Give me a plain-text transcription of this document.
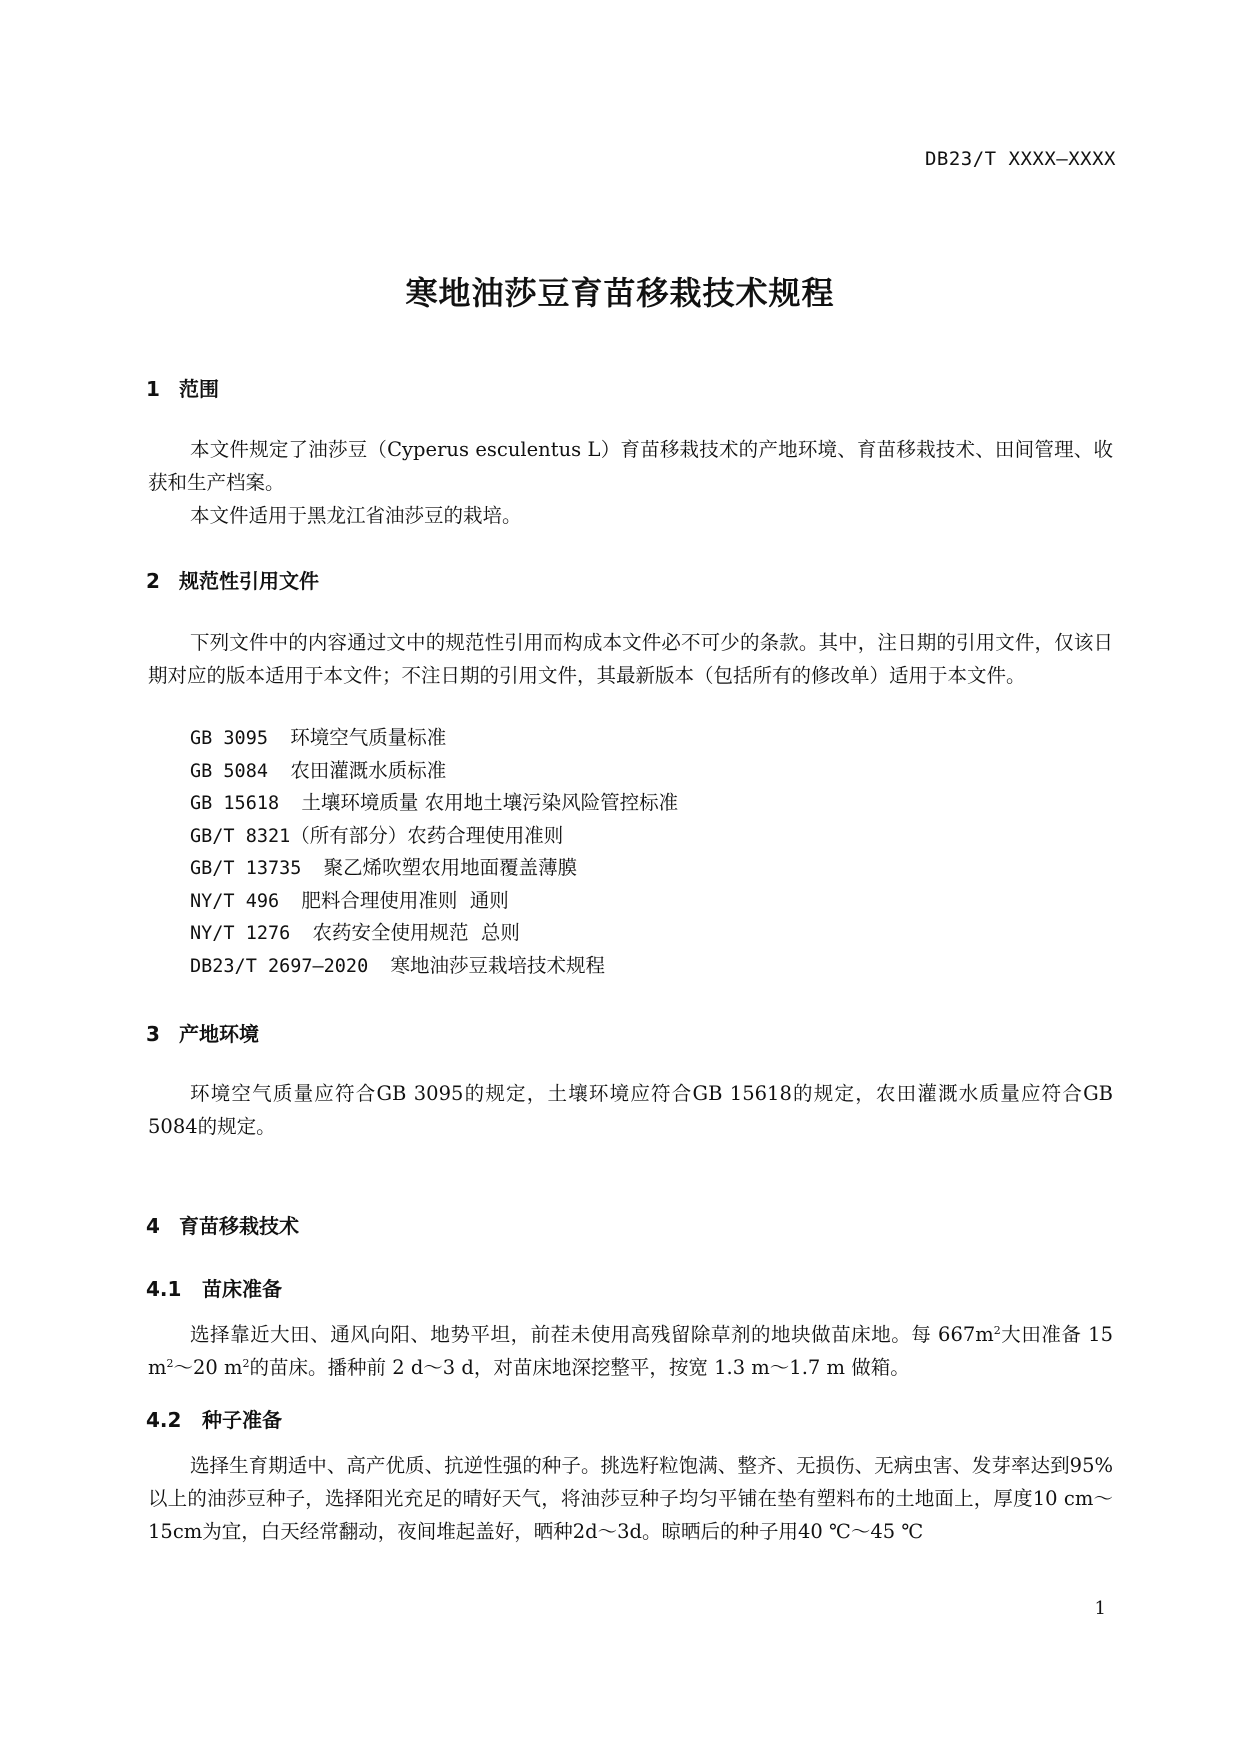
DB23/T XXXX—XXXX
寒地油莎豆育苗移栽技术规程
1 范围

本文件规定了油莎豆（Cyperus esculentus L）育苗移栽技术的产地环境、育苗移栽技术、田间管理、收获和生产档案。

本文件适用于黑龙江省油莎豆的栽培。

2 规范性引用文件

下列文件中的内容通过文中的规范性引用而构成本文件必不可少的条款。其中，注日期的引用文件，仅该日期对应的版本适用于本文件；不注日期的引用文件，其最新版本（包括所有的修改单）适用于本文件。

GB 3095 环境空气质量标准
GB 5084 农田灌溉水质标准
GB 15618 土壤环境质量 农用地土壤污染风险管控标准
GB/T 8321（所有部分）农药合理使用准则
GB/T 13735 聚乙烯吹塑农用地面覆盖薄膜
NY/T 496 肥料合理使用准则  通则
NY/T 1276 农药安全使用规范  总则
DB23/T 2697—2020 寒地油莎豆栽培技术规程
3 产地环境

环境空气质量应符合GB 3095的规定，土壤环境应符合GB 15618的规定，农田灌溉水质量应符合GB 5084的规定。

4 育苗移栽技术
4.1 苗床准备

选择靠近大田、通风向阳、地势平坦，前茬未使用高残留除草剂的地块做苗床地。每 $667m^2$大田准备 15 $m^2\sim 20$ $m^2$的苗床。播种前 2 d～3 d，对苗床地深挖整平，按宽 1.3 m～1.7 m 做箱。

4.2 种子准备

选择生育期适中、高产优质、抗逆性强的种子。挑选籽粒饱满、整齐、无损伤、无病虫害、发芽率达到95%以上的油莎豆种子，选择阳光充足的晴好天气，将油莎豆种子均匀平铺在垫有塑料布的土地面上，厚度10 cm～15cm为宜，白天经常翻动，夜间堆起盖好，晒种2d～3d。晾晒后的种子用40 ℃～45 ℃

1
